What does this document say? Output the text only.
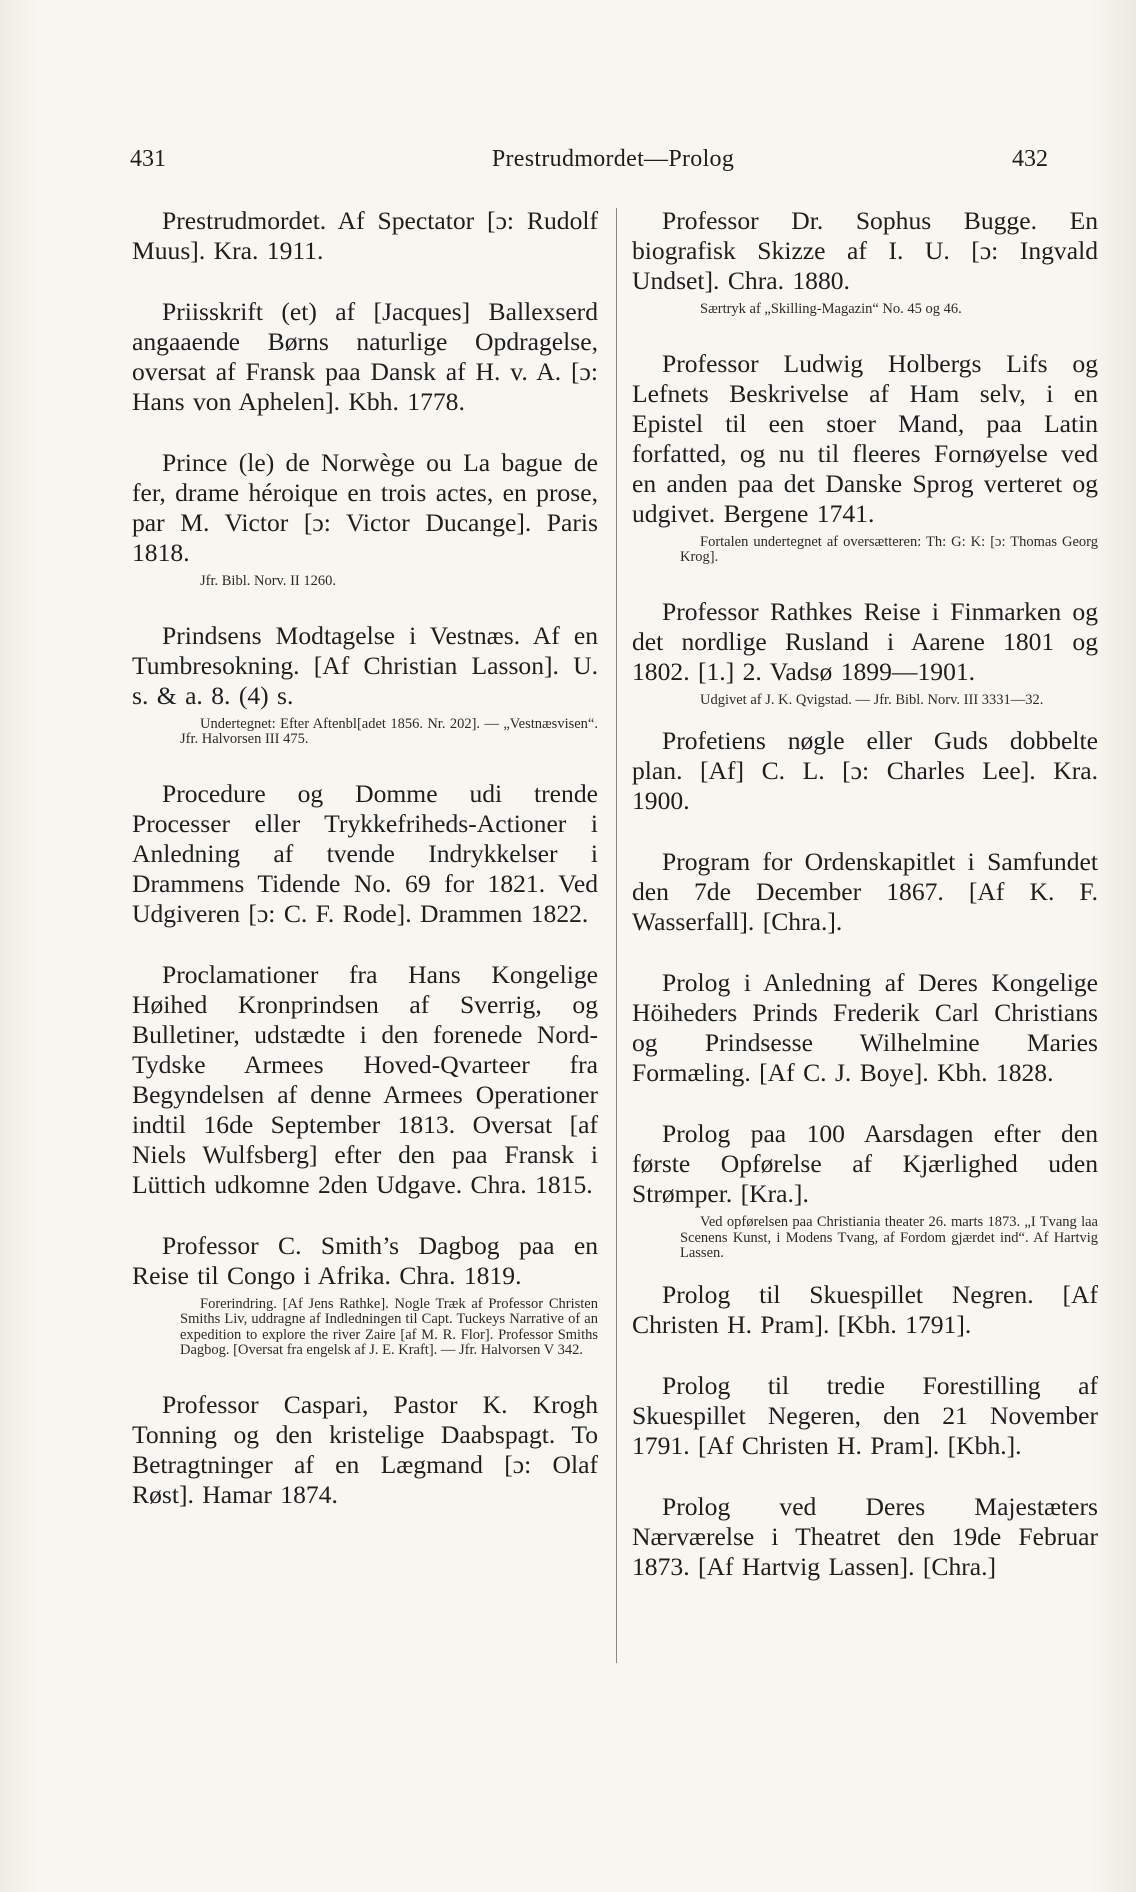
431	Prestrudmordet—Prolog	432
Prestrudmordet. Af Spectator [ɔ: Rudolf Muus]. Kra. 1911.
Priisskrift (et) af [Jacques] Ballexserd angaaende Børns naturlige Opdragelse, oversat af Fransk paa Dansk af H. v. A. [ɔ: Hans von Aphelen]. Kbh. 1778.
Prince (le) de Norwège ou La bague de fer, drame héroique en trois actes, en prose, par M. Victor [ɔ: Victor Ducange]. Paris 1818.
Jfr. Bibl. Norv. II 1260.
Prindsens Modtagelse i Vestnæs. Af en Tumbresokning. [Af Christian Lasson]. U. s. & a. 8. (4) s.
Undertegnet: Efter Aftenbl[adet 1856. Nr. 202]. — „Vestnæsvisen“. Jfr. Halvorsen III 475.
Procedure og Domme udi trende Processer eller Trykkefriheds-Actioner i Anledning af tvende Indrykkelser i Drammens Tidende No. 69 for 1821. Ved Udgiveren [ɔ: C. F. Rode]. Drammen 1822.
Proclamationer fra Hans Kongelige Høihed Kronprindsen af Sverrig, og Bulletiner, udstædte i den forenede Nord-Tydske Armees Hoved-Qvarteer fra Begyndelsen af denne Armees Operationer indtil 16de September 1813. Oversat [af Niels Wulfsberg] efter den paa Fransk i Lüttich udkomne 2den Udgave. Chra. 1815.
Professor C. Smith’s Dagbog paa en Reise til Congo i Afrika. Chra. 1819.
Forerindring. [Af Jens Rathke]. Nogle Træk af Professor Christen Smiths Liv, uddragne af Indledningen til Capt. Tuckeys Narrative of an expedition to explore the river Zaire [af M. R. Flor]. Professor Smiths Dagbog. [Oversat fra engelsk af J. E. Kraft]. — Jfr. Halvorsen V 342.
Professor Caspari, Pastor K. Krogh Tonning og den kristelige Daabspagt. To Betragtninger af en Lægmand [ɔ: Olaf Røst]. Hamar 1874.
Professor Dr. Sophus Bugge. En biografisk Skizze af I. U. [ɔ: Ingvald Undset]. Chra. 1880.
Særtryk af „Skilling-Magazin“ No. 45 og 46.
Professor Ludwig Holbergs Lifs og Lefnets Beskrivelse af Ham selv, i en Epistel til een stoer Mand, paa Latin forfatted, og nu til fleeres Fornøyelse ved en anden paa det Danske Sprog verteret og udgivet. Bergene 1741.
Fortalen undertegnet af oversætteren: Th: G: K: [ɔ: Thomas Georg Krog].
Professor Rathkes Reise i Finmarken og det nordlige Rusland i Aarene 1801 og 1802. [1.] 2. Vadsø 1899—1901.
Udgivet af J. K. Qvigstad. — Jfr. Bibl. Norv. III 3331—32.
Profetiens nøgle eller Guds dobbelte plan. [Af] C. L. [ɔ: Charles Lee]. Kra. 1900.
Program for Ordenskapitlet i Samfundet den 7de December 1867. [Af K. F. Wasserfall]. [Chra.].
Prolog i Anledning af Deres Kongelige Höiheders Prinds Frederik Carl Christians og Prindsesse Wilhelmine Maries Formæling. [Af C. J. Boye]. Kbh. 1828.
Prolog paa 100 Aarsdagen efter den første Opførelse af Kjærlighed uden Strømper. [Kra.].
Ved opførelsen paa Christiania theater 26. marts 1873. „I Tvang laa Scenens Kunst, i Modens Tvang, af Fordom gjærdet ind“. Af Hartvig Lassen.
Prolog til Skuespillet Negren. [Af Christen H. Pram]. [Kbh. 1791].
Prolog til tredie Forestilling af Skuespillet Negeren, den 21 November 1791. [Af Christen H. Pram]. [Kbh.].
Prolog ved Deres Majestæters Nærværelse i Theatret den 19de Februar 1873. [Af Hartvig Lassen]. [Chra.]
